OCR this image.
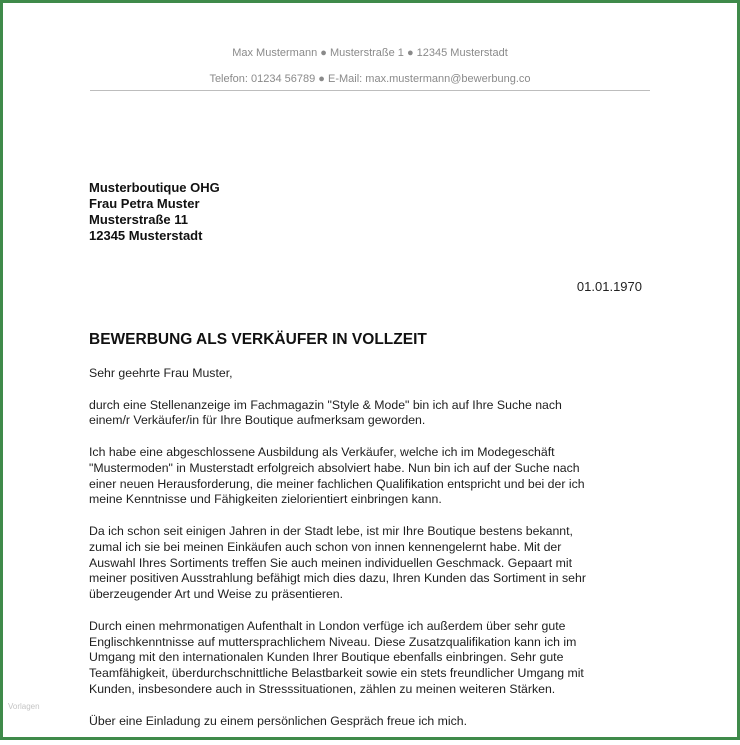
Max Mustermann ● Musterstraße 1 ● 12345 Musterstadt
Telefon: 01234 56789 ● E-Mail: max.mustermann@bewerbung.co
Musterboutique OHG
Frau Petra Muster
Musterstraße 11
12345 Musterstadt
01.01.1970
BEWERBUNG ALS VERKÄUFER IN VOLLZEIT

Sehr geehrte Frau Muster,

durch eine Stellenanzeige im Fachmagazin "Style & Mode" bin ich auf Ihre Suche nach
einem/r Verkäufer/in für Ihre Boutique aufmerksam geworden.

Ich habe eine abgeschlossene Ausbildung als Verkäufer, welche ich im Modegeschäft
"Mustermoden" in Musterstadt erfolgreich absolviert habe. Nun bin ich auf der Suche nach
einer neuen Herausforderung, die meiner fachlichen Qualifikation entspricht und bei der ich
meine Kenntnisse und Fähigkeiten zielorientiert einbringen kann.

Da ich schon seit einigen Jahren in der Stadt lebe, ist mir Ihre Boutique bestens bekannt,
zumal ich sie bei meinen Einkäufen auch schon von innen kennengelernt habe. Mit der
Auswahl Ihres Sortiments treffen Sie auch meinen individuellen Geschmack. Gepaart mit
meiner positiven Ausstrahlung befähigt mich dies dazu, Ihren Kunden das Sortiment in sehr
überzeugender Art und Weise zu präsentieren.

Durch einen mehrmonatigen Aufenthalt in London verfüge ich außerdem über sehr gute
Englischkenntnisse auf muttersprachlichem Niveau. Diese Zusatzqualifikation kann ich im
Umgang mit den internationalen Kunden Ihrer Boutique ebenfalls einbringen. Sehr gute
Teamfähigkeit, überdurchschnittliche Belastbarkeit sowie ein stets freundlicher Umgang mit
Kunden, insbesondere auch in Stresssituationen, zählen zu meinen weiteren Stärken.

Über eine Einladung zu einem persönlichen Gespräch freue ich mich.

Vorlagen
